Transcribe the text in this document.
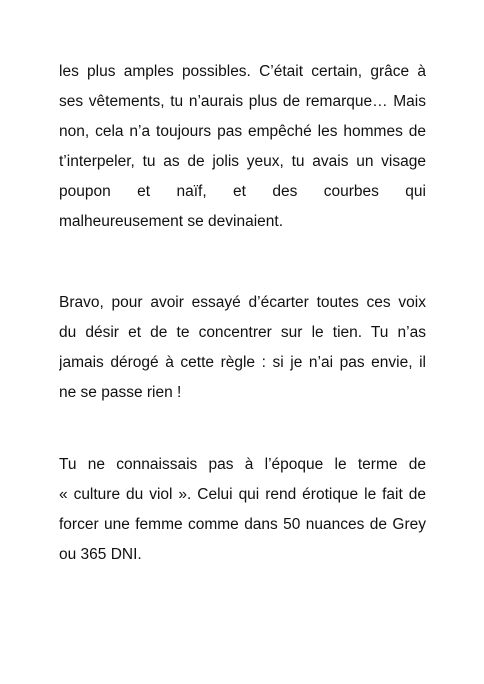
les plus amples possibles. C’était certain, grâce à
ses vêtements, tu n’aurais plus de remarque… Mais
non, cela n’a toujours pas empêché les hommes de
t’interpeler, tu as de jolis yeux, tu avais un visage
poupon et naïf, et des courbes qui
malheureusement se devinaient.
Bravo, pour avoir essayé d’écarter toutes ces voix
du désir et de te concentrer sur le tien. Tu n’as
jamais dérogé à cette règle : si je n’ai pas envie, il
ne se passe rien !
Tu ne connaissais pas à l’époque le terme de
« culture du viol ». Celui qui rend érotique le fait de
forcer une femme comme dans 50 nuances de Grey
ou 365 DNI.
